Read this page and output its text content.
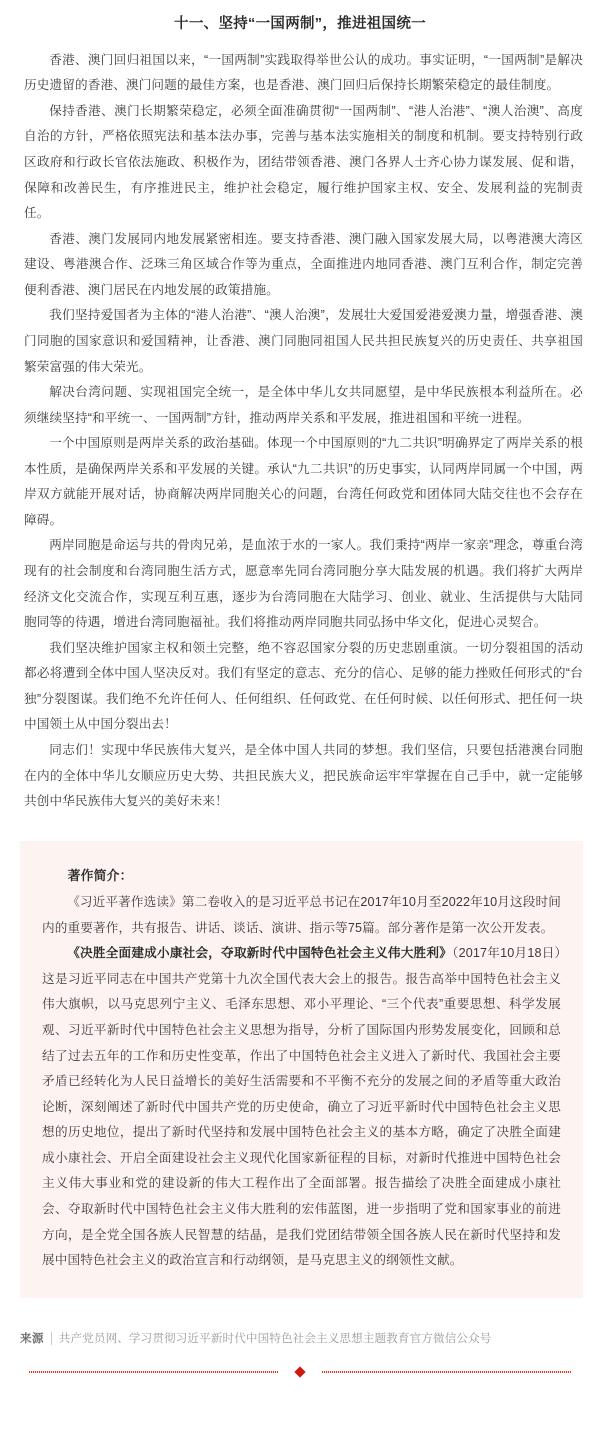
十一、坚持“一国两制”，推进祖国统一

香港、澳门回归祖国以来，“一国两制”实践取得举世公认的成功。事实证明，“一国两制”是解决历史遗留的香港、澳门问题的最佳方案，也是香港、澳门回归后保持长期繁荣稳定的最佳制度。

保持香港、澳门长期繁荣稳定，必须全面准确贯彻“一国两制”、“港人治港”、“澳人治澳”、高度自治的方针，严格依照宪法和基本法办事，完善与基本法实施相关的制度和机制。要支持特别行政区政府和行政长官依法施政、积极作为，团结带领香港、澳门各界人士齐心协力谋发展、促和谐，保障和改善民生，有序推进民主，维护社会稳定，履行维护国家主权、安全、发展利益的宪制责任。

香港、澳门发展同内地发展紧密相连。要支持香港、澳门融入国家发展大局，以粤港澳大湾区建设、粤港澳合作、泛珠三角区域合作等为重点，全面推进内地同香港、澳门互利合作，制定完善便利香港、澳门居民在内地发展的政策措施。

我们坚持爱国者为主体的“港人治港”、“澳人治澳”，发展壮大爱国爱港爱澳力量，增强香港、澳门同胞的国家意识和爱国精神，让香港、澳门同胞同祖国人民共担民族复兴的历史责任、共享祖国繁荣富强的伟大荣光。

解决台湾问题、实现祖国完全统一，是全体中华儿女共同愿望，是中华民族根本利益所在。必须继续坚持“和平统一、一国两制”方针，推动两岸关系和平发展，推进祖国和平统一进程。

一个中国原则是两岸关系的政治基础。体现一个中国原则的“九二共识”明确界定了两岸关系的根本性质，是确保两岸关系和平发展的关键。承认“九二共识”的历史事实，认同两岸同属一个中国，两岸双方就能开展对话，协商解决两岸同胞关心的问题，台湾任何政党和团体同大陆交往也不会存在障碍。

两岸同胞是命运与共的骨肉兄弟，是血浓于水的一家人。我们秉持“两岸一家亲”理念，尊重台湾现有的社会制度和台湾同胞生活方式，愿意率先同台湾同胞分享大陆发展的机遇。我们将扩大两岸经济文化交流合作，实现互利互惠，逐步为台湾同胞在大陆学习、创业、就业、生活提供与大陆同胞同等的待遇，增进台湾同胞福祉。我们将推动两岸同胞共同弘扬中华文化，促进心灵契合。

我们坚决维护国家主权和领土完整，绝不容忍国家分裂的历史悲剧重演。一切分裂祖国的活动都必将遭到全体中国人坚决反对。我们有坚定的意志、充分的信心、足够的能力挫败任何形式的“台独”分裂图谋。我们绝不允许任何人、任何组织、任何政党、在任何时候、以任何形式、把任何一块中国领土从中国分裂出去！

同志们！实现中华民族伟大复兴，是全体中国人共同的梦想。我们坚信，只要包括港澳台同胞在内的全体中华儿女顺应历史大势、共担民族大义，把民族命运牢牢掌握在自己手中，就一定能够共创中华民族伟大复兴的美好未来！

著作简介：

《习近平著作选读》第二卷收入的是习近平总书记在2017年10月至2022年10月这段时间内的重要著作，共有报告、讲话、谈话、演讲、指示等75篇。部分著作是第一次公开发表。

《决胜全面建成小康社会，夺取新时代中国特色社会主义伟大胜利》（2017年10月18日）这是习近平同志在中国共产党第十九次全国代表大会上的报告。报告高举中国特色社会主义伟大旗帜，以马克思列宁主义、毛泽东思想、邓小平理论、“三个代表”重要思想、科学发展观、习近平新时代中国特色社会主义思想为指导，分析了国际国内形势发展变化，回顾和总结了过去五年的工作和历史性变革，作出了中国特色社会主义进入了新时代、我国社会主要矛盾已经转化为人民日益增长的美好生活需要和不平衡不充分的发展之间的矛盾等重大政治论断，深刻阐述了新时代中国共产党的历史使命，确立了习近平新时代中国特色社会主义思想的历史地位，提出了新时代坚持和发展中国特色社会主义的基本方略，确定了决胜全面建成小康社会、开启全面建设社会主义现代化国家新征程的目标，对新时代推进中国特色社会主义伟大事业和党的建设新的伟大工程作出了全面部署。报告描绘了决胜全面建成小康社会、夺取新时代中国特色社会主义伟大胜利的宏伟蓝图，进一步指明了党和国家事业的前进方向，是全党全国各族人民智慧的结晶，是我们党团结带领全国各族人民在新时代坚持和发展中国特色社会主义的政治宣言和行动纲领，是马克思主义的纲领性文献。

来源 共产党员网、学习贯彻习近平新时代中国特色社会主义思想主题教育官方微信公众号
